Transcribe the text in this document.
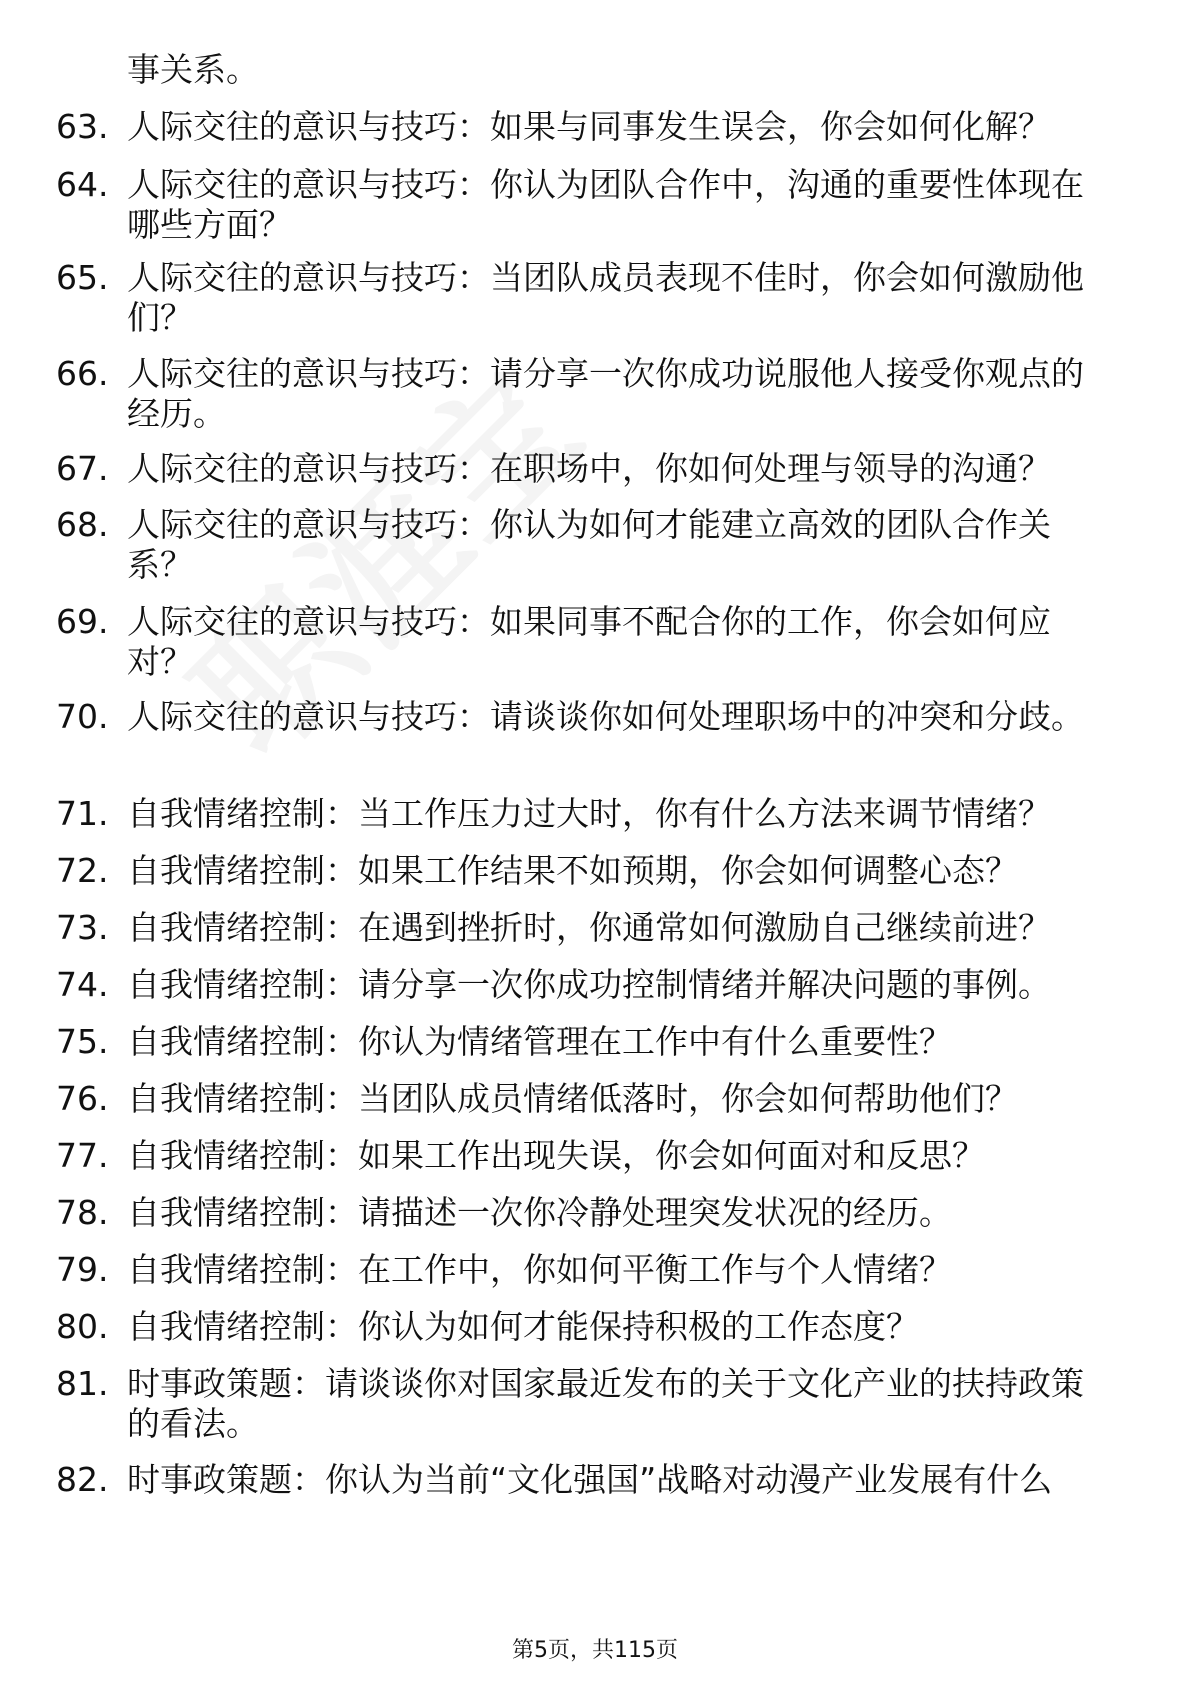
事关系。
63. 人际交往的意识与技巧：如果与同事发生误会，你会如何化解？
64. 人际交往的意识与技巧：你认为团队合作中，沟通的重要性体现在哪些方面？
65. 人际交往的意识与技巧：当团队成员表现不佳时，你会如何激励他们？
66. 人际交往的意识与技巧：请分享一次你成功说服他人接受你观点的经历。
67. 人际交往的意识与技巧：在职场中，你如何处理与领导的沟通？
68. 人际交往的意识与技巧：你认为如何才能建立高效的团队合作关系？
69. 人际交往的意识与技巧：如果同事不配合你的工作，你会如何应对？
70. 人际交往的意识与技巧：请谈谈你如何处理职场中的冲突和分歧。
71. 自我情绪控制：当工作压力过大时，你有什么方法来调节情绪？
72. 自我情绪控制：如果工作结果不如预期，你会如何调整心态？
73. 自我情绪控制：在遇到挫折时，你通常如何激励自己继续前进？
74. 自我情绪控制：请分享一次你成功控制情绪并解决问题的事例。
75. 自我情绪控制：你认为情绪管理在工作中有什么重要性？
76. 自我情绪控制：当团队成员情绪低落时，你会如何帮助他们？
77. 自我情绪控制：如果工作出现失误，你会如何面对和反思？
78. 自我情绪控制：请描述一次你冷静处理突发状况的经历。
79. 自我情绪控制：在工作中，你如何平衡工作与个人情绪？
80. 自我情绪控制：你认为如何才能保持积极的工作态度？
81. 时事政策题：请谈谈你对国家最近发布的关于文化产业的扶持政策的看法。
82. 时事政策题：你认为当前“文化强国”战略对动漫产业发展有什么
第5页，共115页
